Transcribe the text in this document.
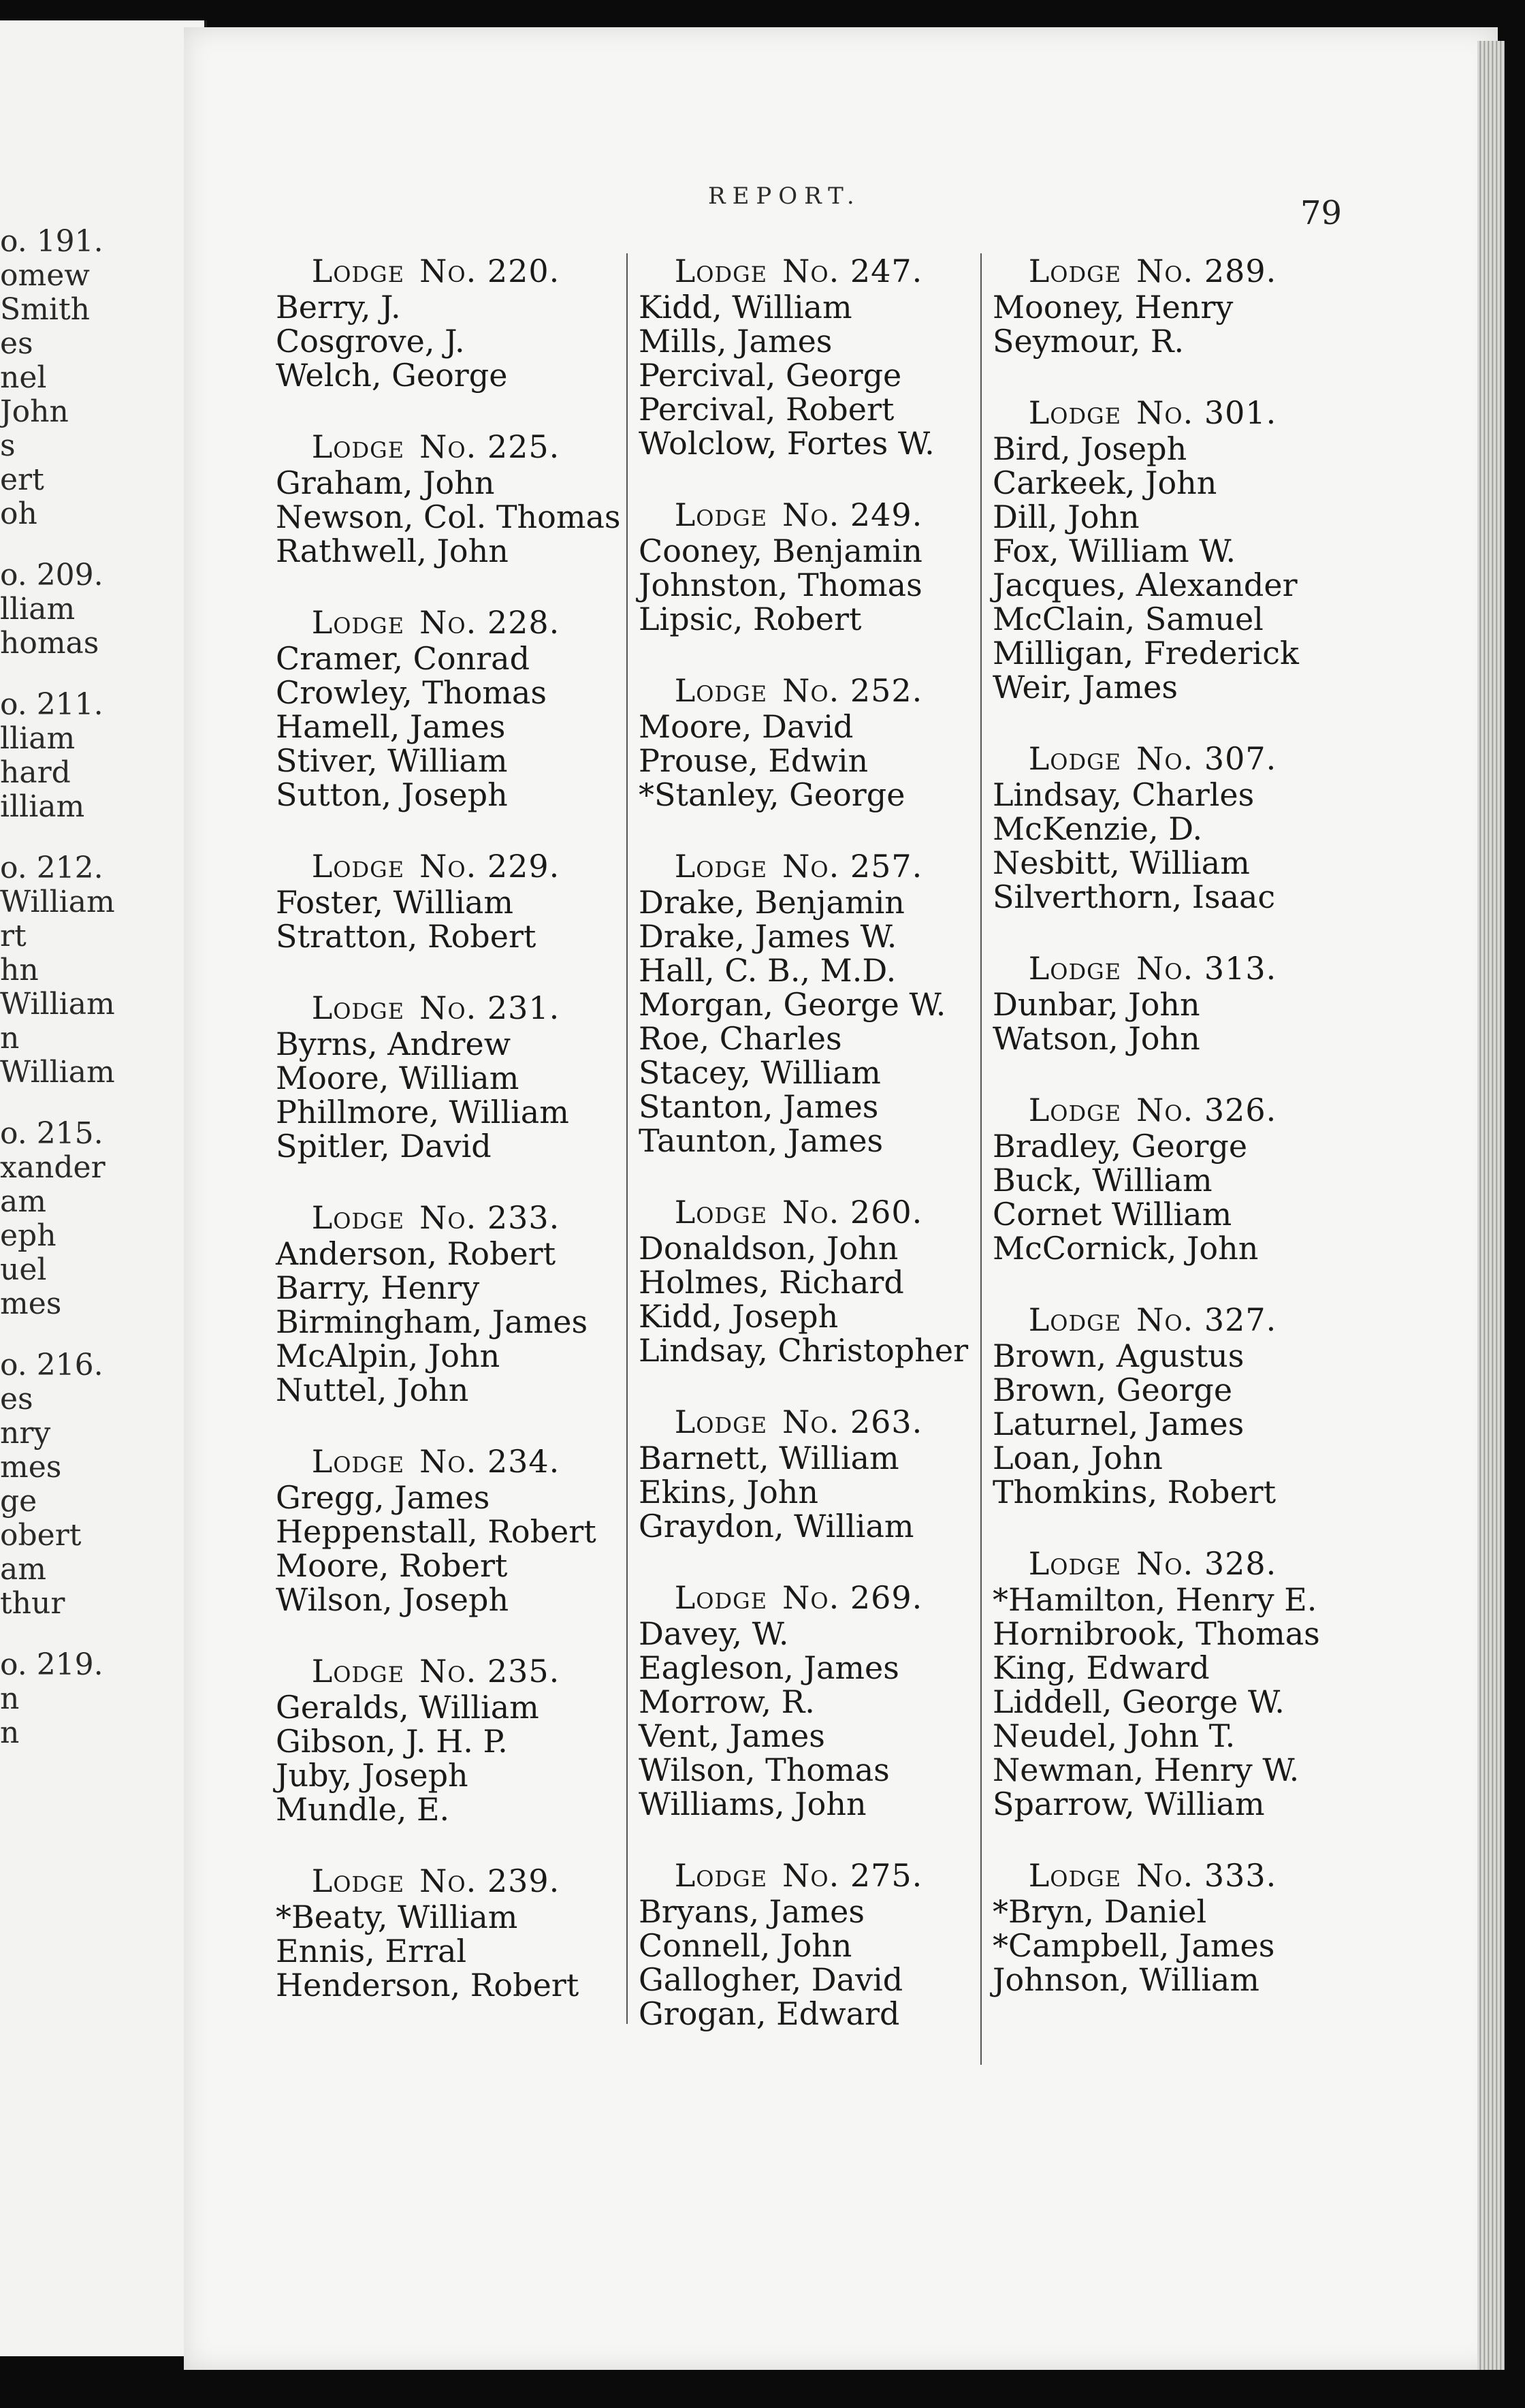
o. 191.
omew
Smith
es
nel
John
s
ert
oh
o. 209.
lliam
homas
o. 211.
lliam
hard
illiam
o. 212.
William
rt
hn
William
n
William
o. 215.
xander
am
eph
uel
mes
o. 216.
es
nry
mes
ge
obert
am
thur
o. 219.
n
n
REPORT.	79
Lodge No. 220.
Berry, J.
Cosgrove, J.
Welch, George
Lodge No. 225.
Graham, John
Newson, Col. Thomas
Rathwell, John
Lodge No. 228.
Cramer, Conrad
Crowley, Thomas
Hamell, James
Stiver, William
Sutton, Joseph
Lodge No. 229.
Foster, William
Stratton, Robert
Lodge No. 231.
Byrns, Andrew
Moore, William
Phillmore, William
Spitler, David
Lodge No. 233.
Anderson, Robert
Barry, Henry
Birmingham, James
McAlpin, John
Nuttel, John
Lodge No. 234.
Gregg, James
Heppenstall, Robert
Moore, Robert
Wilson, Joseph
Lodge No. 235.
Geralds, William
Gibson, J. H. P.
Juby, Joseph
Mundle, E.
Lodge No. 239.
*Beaty, William
Ennis, Erral
Henderson, Robert
Lodge No. 247.
Kidd, William
Mills, James
Percival, George
Percival, Robert
Wolclow, Fortes W.
Lodge No. 249.
Cooney, Benjamin
Johnston, Thomas
Lipsic, Robert
Lodge No. 252.
Moore, David
Prouse, Edwin
*Stanley, George
Lodge No. 257.
Drake, Benjamin
Drake, James W.
Hall, C. B., M.D.
Morgan, George W.
Roe, Charles
Stacey, William
Stanton, James
Taunton, James
Lodge No. 260.
Donaldson, John
Holmes, Richard
Kidd, Joseph
Lindsay, Christopher
Lodge No. 263.
Barnett, William
Ekins, John
Graydon, William
Lodge No. 269.
Davey, W.
Eagleson, James
Morrow, R.
Vent, James
Wilson, Thomas
Williams, John
Lodge No. 275.
Bryans, James
Connell, John
Gallogher, David
Grogan, Edward
Lodge No. 289.
Mooney, Henry
Seymour, R.
Lodge No. 301.
Bird, Joseph
Carkeek, John
Dill, John
Fox, William W.
Jacques, Alexander
McClain, Samuel
Milligan, Frederick
Weir, James
Lodge No. 307.
Lindsay, Charles
McKenzie, D.
Nesbitt, William
Silverthorn, Isaac
Lodge No. 313.
Dunbar, John
Watson, John
Lodge No. 326.
Bradley, George
Buck, William
Cornet William
McCornick, John
Lodge No. 327.
Brown, Agustus
Brown, George
Laturnel, James
Loan, John
Thomkins, Robert
Lodge No. 328.
*Hamilton, Henry E.
Hornibrook, Thomas
King, Edward
Liddell, George W.
Neudel, John T.
Newman, Henry W.
Sparrow, William
Lodge No. 333.
*Bryn, Daniel
*Campbell, James
Johnson, William
